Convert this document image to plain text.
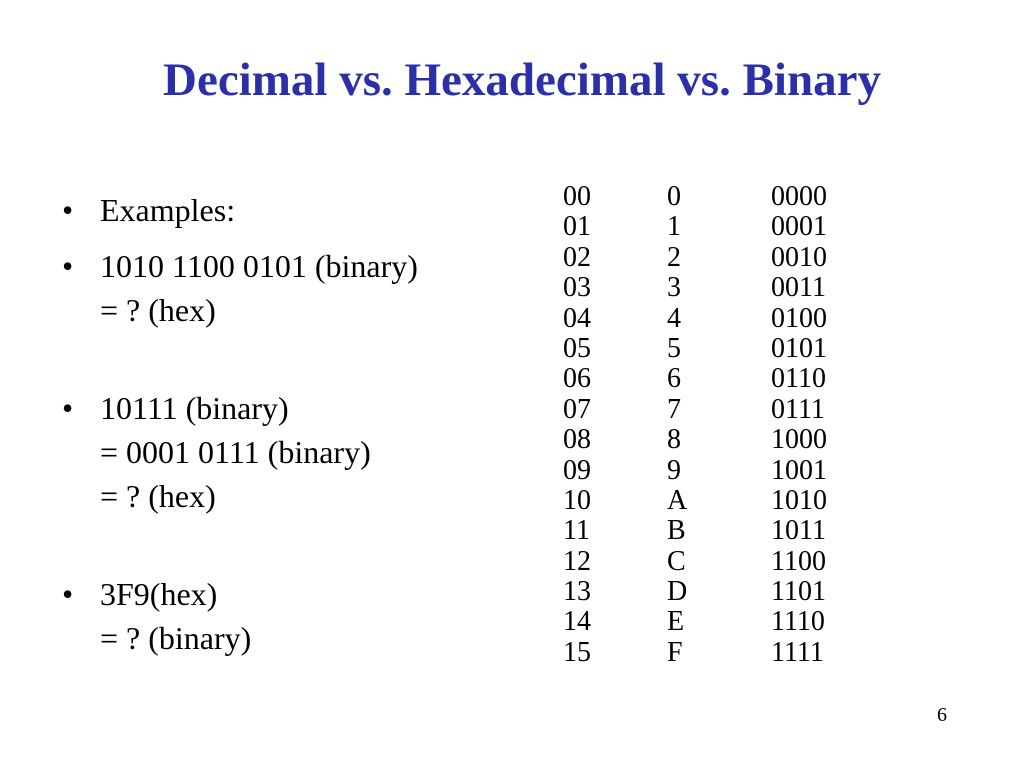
Decimal vs. Hexadecimal vs. Binary
• Examples:
• 1010 1100 0101 (binary)
= ? (hex)
• 10111 (binary)
= 0001 0111 (binary)
= ? (hex)
• 3F9(hex)
= ? (binary)
00	0	0000
01	1	0001
02	2	0010
03	3	0011
04	4	0100
05	5	0101
06	6	0110
07	7	0111
08	8	1000
09	9	1001
10	A	1010
11	B	1011
12	C	1100
13	D	1101
14	E	1110
15	F	1111
6
